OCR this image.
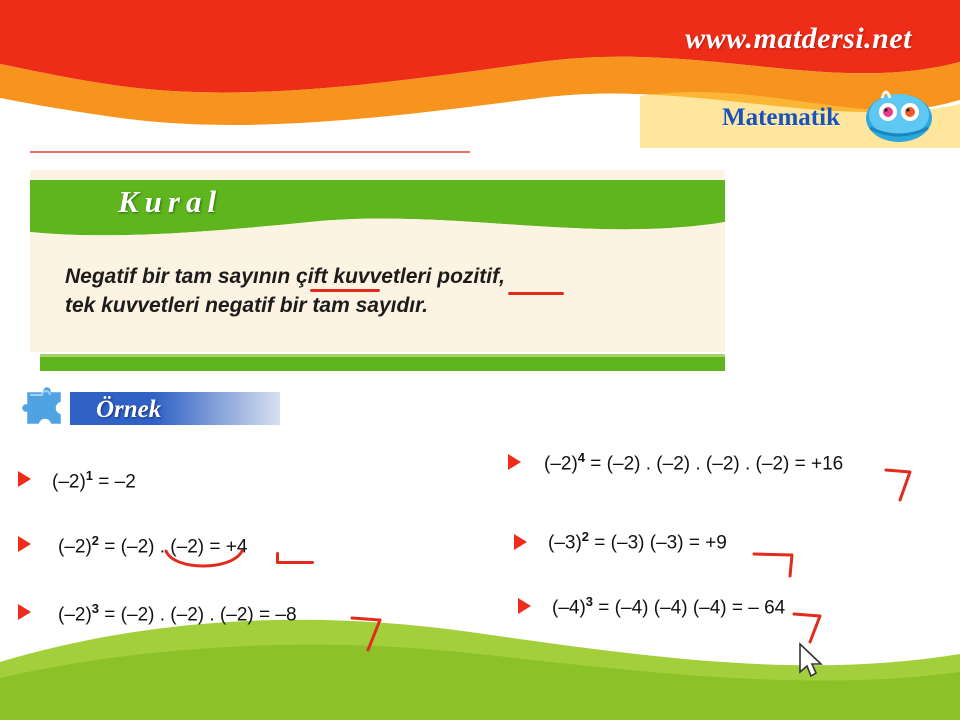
www.matdersi.net
Matematik
Kural
Negatif bir tam sayının çift kuvvetleri pozitif,
tek kuvvetleri negatif bir tam sayıdır.
Örnek
$(-2)^1 = -2$
$(-2)^2 = (-2)$ . (–2) = +4
$(-2)^3 = (-2)$ . (–2) . (–2) = –8
$(-2)^4 = (-2)$ . (–2) . (–2) . (–2) = +16
$(-3)^2 = (-3) (-3) = +9$
$(-4)^3 = (-4)$ (–4) (–4) = – 64
